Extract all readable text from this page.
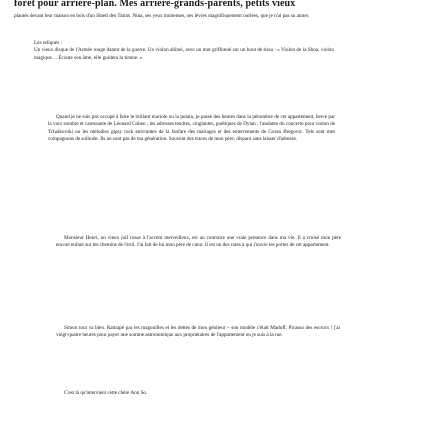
forêt pour arrière-plan. Mes arrière-grands-parents, petits vieux

plantés devant leur maison en bois d'un Shtetl des Tatras. Nina, ses yeux immenses, ses lèvres magnifiquement ourlées, que je n'ai pas su aimer.

Les reliques :

Un vieux disque de l'Armée rouge datant de la guerre. Un violon abîmé, avec un mot griffonné sur un bout de tissu : « Violon de la Shoa, violon magique… Écoute son âme, elle guidera la tienne. »

Quand je ne suis pas occupé à faire le brillant mariole ou la putain, je passe des heures dans la pénombre de cet appartement, bercé par la voix sombre et caressante de Léonard Cohen ; les adresses tendres, cinglantes, poétiques de Dylan ; l'andante du concerto pour violon de Tchaïkovski ou les mélodies gipsy rock enivrantes de la fanfare des mariages et des enterrements de Goran Bregovic. Tels sont mes compagnons de solitude. Ils ne sont pas de ma génération. Souvent des traces de mon père, disparu sans laisser d'adresse.

Monsieur Henri, un vieux juif russe à l'accent merveilleux, est au contraire une vraie présence dans ma vie. Il a croisé mon père encore enfant sur les chemins de l'exil. J'ai fait de lui mon père de cœur. Il est un des rares à qui j'ouvre les portes de cet appartement.

Simon tout va bien. Rattrapé par les magouilles et les dettes de mon géniteur – son modèle c'était Madoff, Picasso des escrocs ! j'ai vingt-quatre heures pour payer une somme astronomique aux propriétaires de l'appartement ou je suis à la rue.

C'est là qu'intervient cette chère Ann So.
